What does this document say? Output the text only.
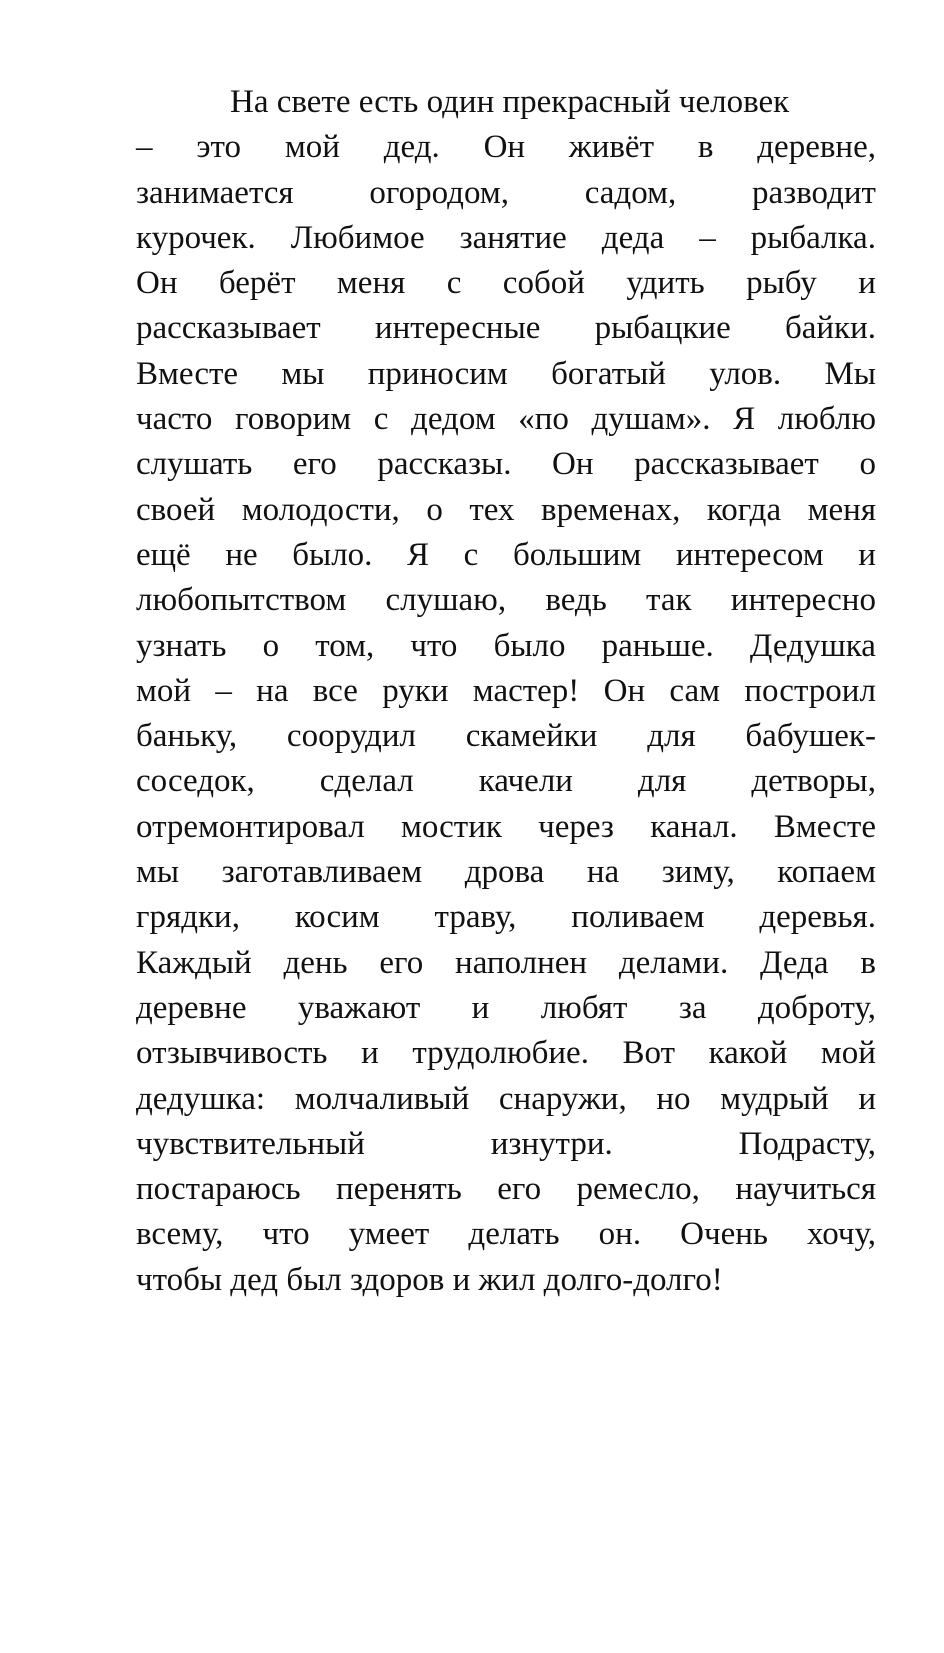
На свете есть один прекрасный человек
– это мой дед. Он живёт в деревне,
занимается огородом, садом, разводит
курочек. Любимое занятие деда – рыбалка.
Он берёт меня с собой удить рыбу и
рассказывает интересные рыбацкие байки.
Вместе мы приносим богатый улов. Мы
часто говорим с дедом «по душам». Я люблю
слушать его рассказы. Он рассказывает о
своей молодости, о тех временах, когда меня
ещё не было. Я с большим интересом и
любопытством слушаю, ведь так интересно
узнать о том, что было раньше. Дедушка
мой – на все руки мастер! Он сам построил
баньку, соорудил скамейки для бабушек-
соседок, сделал качели для детворы,
отремонтировал мостик через канал. Вместе
мы заготавливаем дрова на зиму, копаем
грядки, косим траву, поливаем деревья.
Каждый день его наполнен делами. Деда в
деревне уважают и любят за доброту,
отзывчивость и трудолюбие. Вот какой мой
дедушка: молчаливый снаружи, но мудрый и
чувствительный	изнутри.	Подрасту,
постараюсь перенять его ремесло, научиться
всему, что умеет делать он. Очень хочу,
чтобы дед был здоров и жил долго-долго!
